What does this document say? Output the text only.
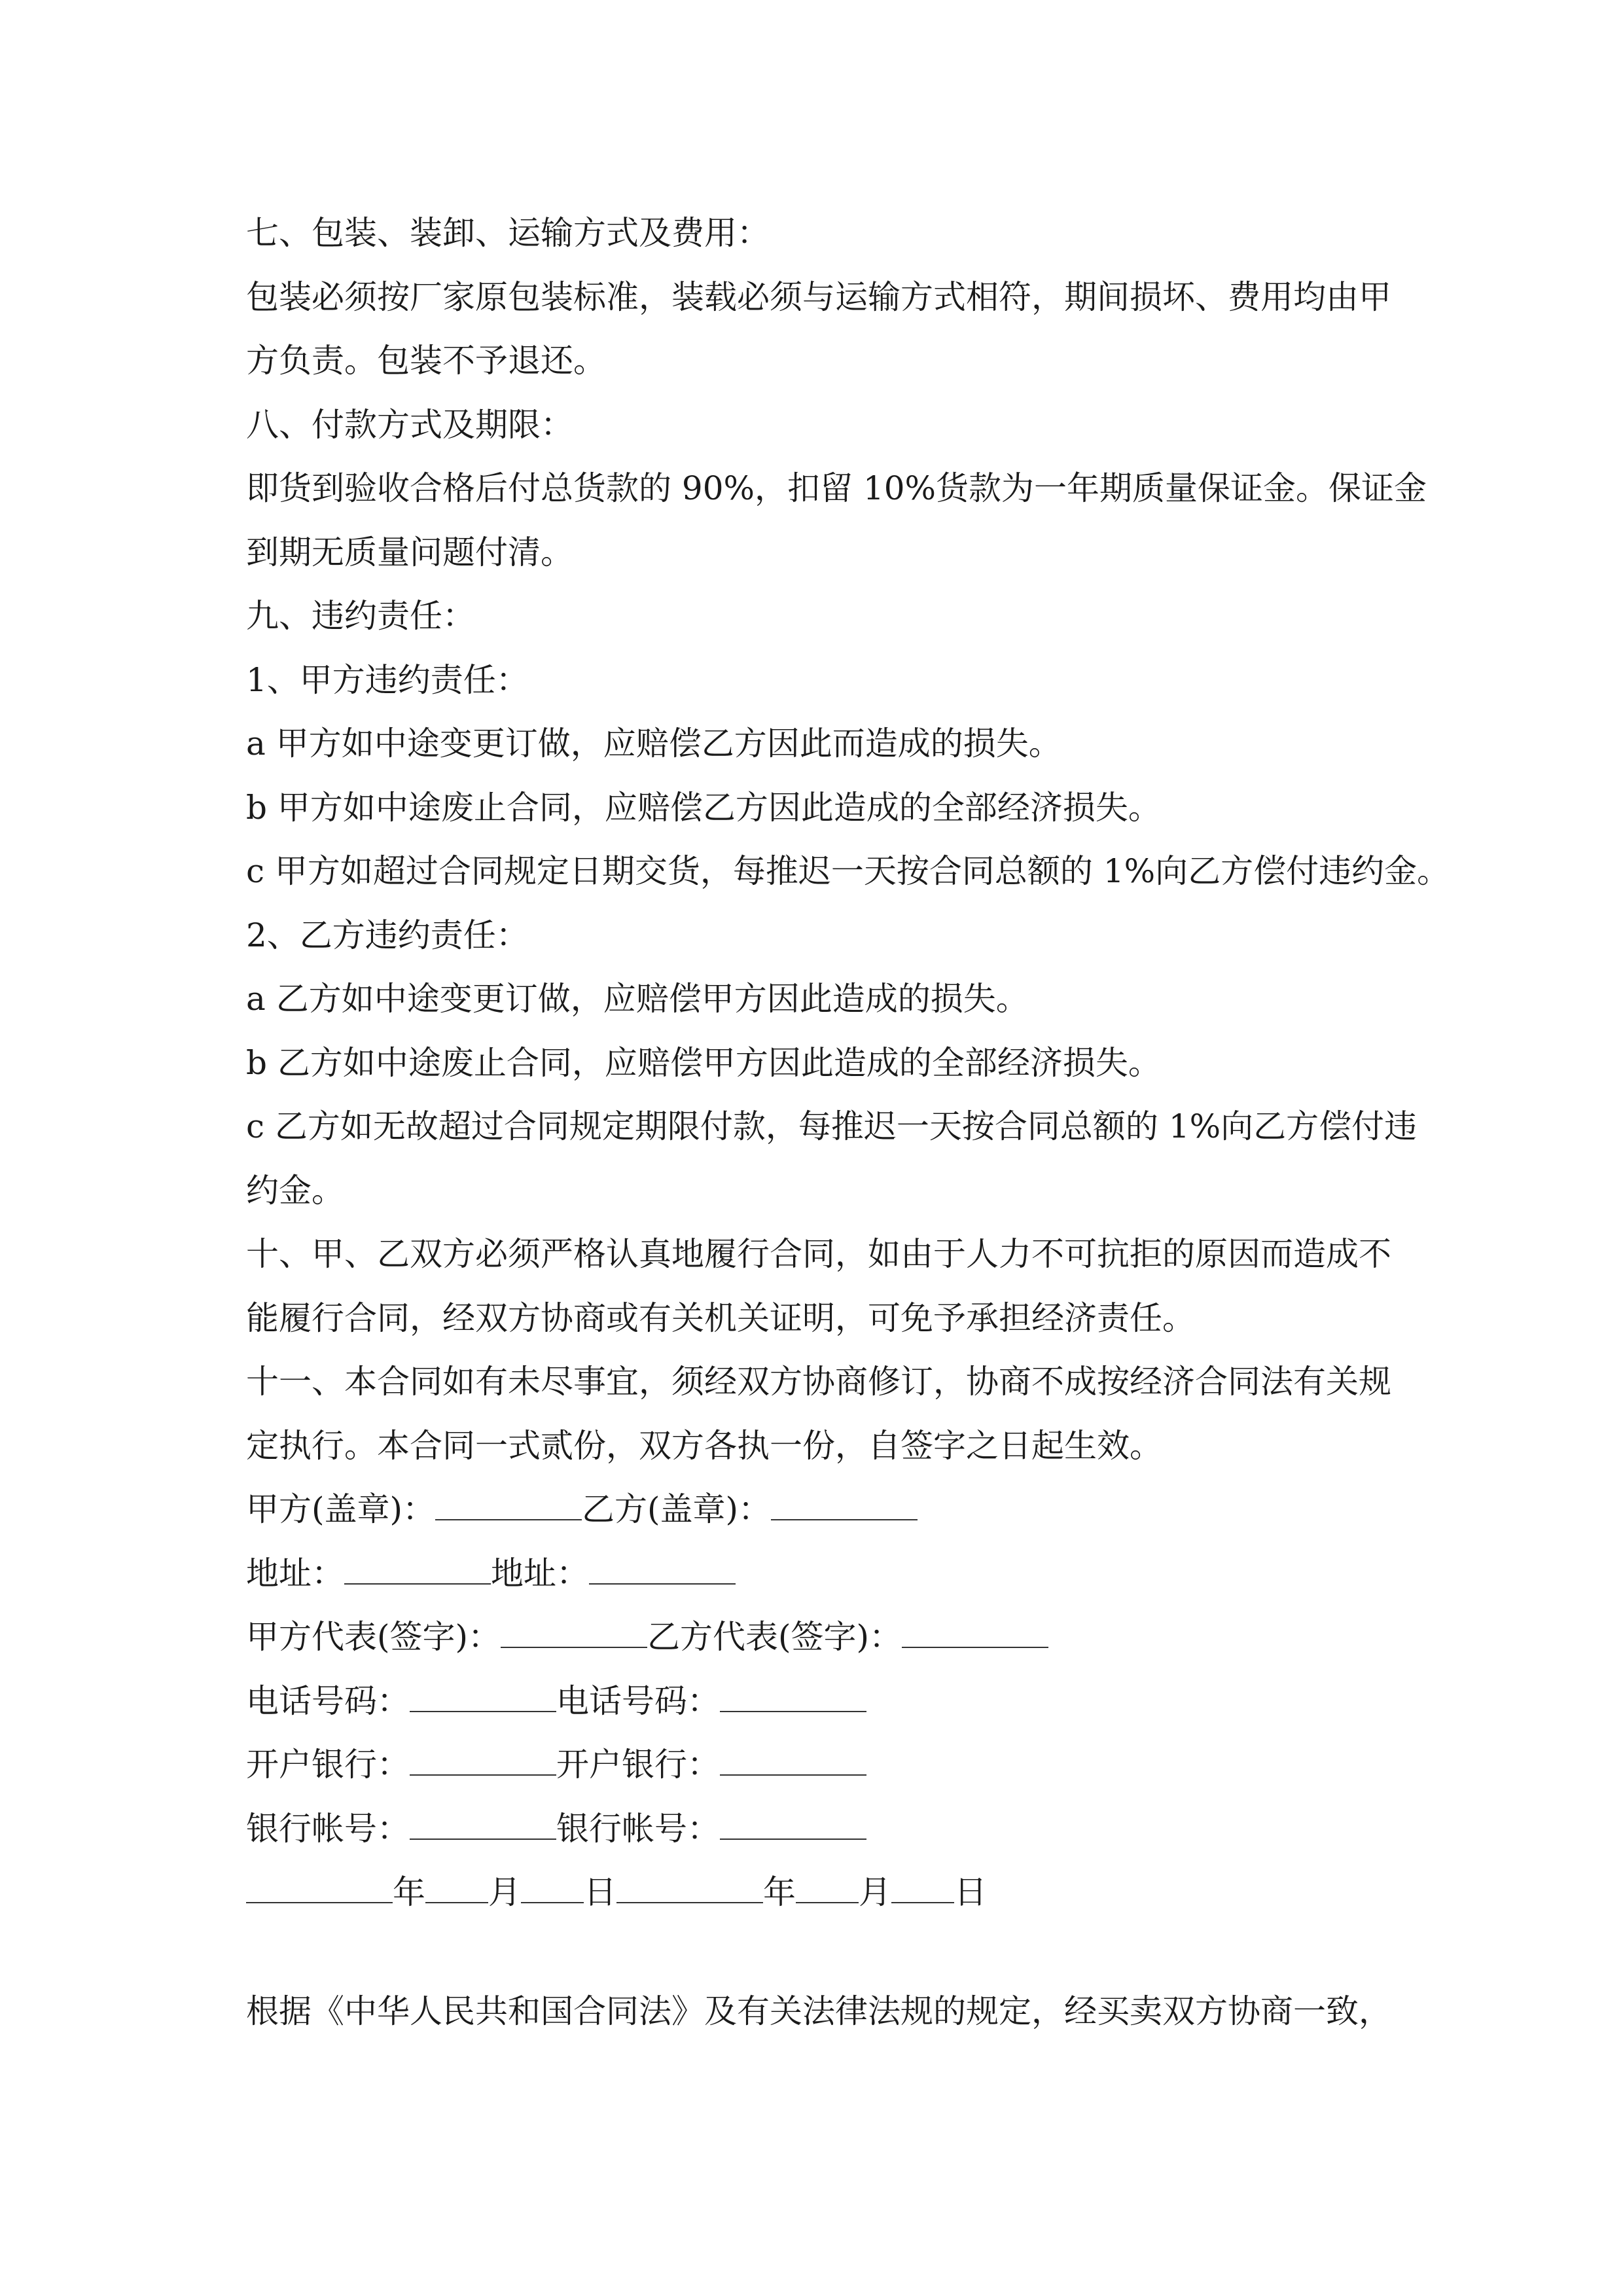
七、包装、装卸、运输方式及费用：

包装必须按厂家原包装标准，装载必须与运输方式相符，期间损坏、费用均由甲

方负责。包装不予退还。

八、付款方式及期限：

即货到验收合格后付总货款的 90%，扣留 10%货款为一年期质量保证金。保证金

到期无质量问题付清。

九、违约责任：

1、甲方违约责任：

a 甲方如中途变更订做，应赔偿乙方因此而造成的损失。

b 甲方如中途废止合同，应赔偿乙方因此造成的全部经济损失。

c 甲方如超过合同规定日期交货，每推迟一天按合同总额的 1%向乙方偿付违约金。

2、乙方违约责任：

a 乙方如中途变更订做，应赔偿甲方因此造成的损失。

b 乙方如中途废止合同，应赔偿甲方因此造成的全部经济损失。

c 乙方如无故超过合同规定期限付款，每推迟一天按合同总额的 1%向乙方偿付违

约金。

十、甲、乙双方必须严格认真地履行合同，如由于人力不可抗拒的原因而造成不

能履行合同，经双方协商或有关机关证明，可免予承担经济责任。

十一、本合同如有未尽事宜，须经双方协商修订，协商不成按经济合同法有关规

定执行。本合同一式贰份，双方各执一份，自签字之日起生效。

甲方(盖章)：	乙方(盖章)：

地址：	地址：

甲方代表(签字)：	乙方代表(签字)：

电话号码：	电话号码：

开户银行：	开户银行：

银行帐号：	银行帐号：

年 月 日	年 月 日

根据《中华人民共和国合同法》及有关法律法规的规定，经买卖双方协商一致，
